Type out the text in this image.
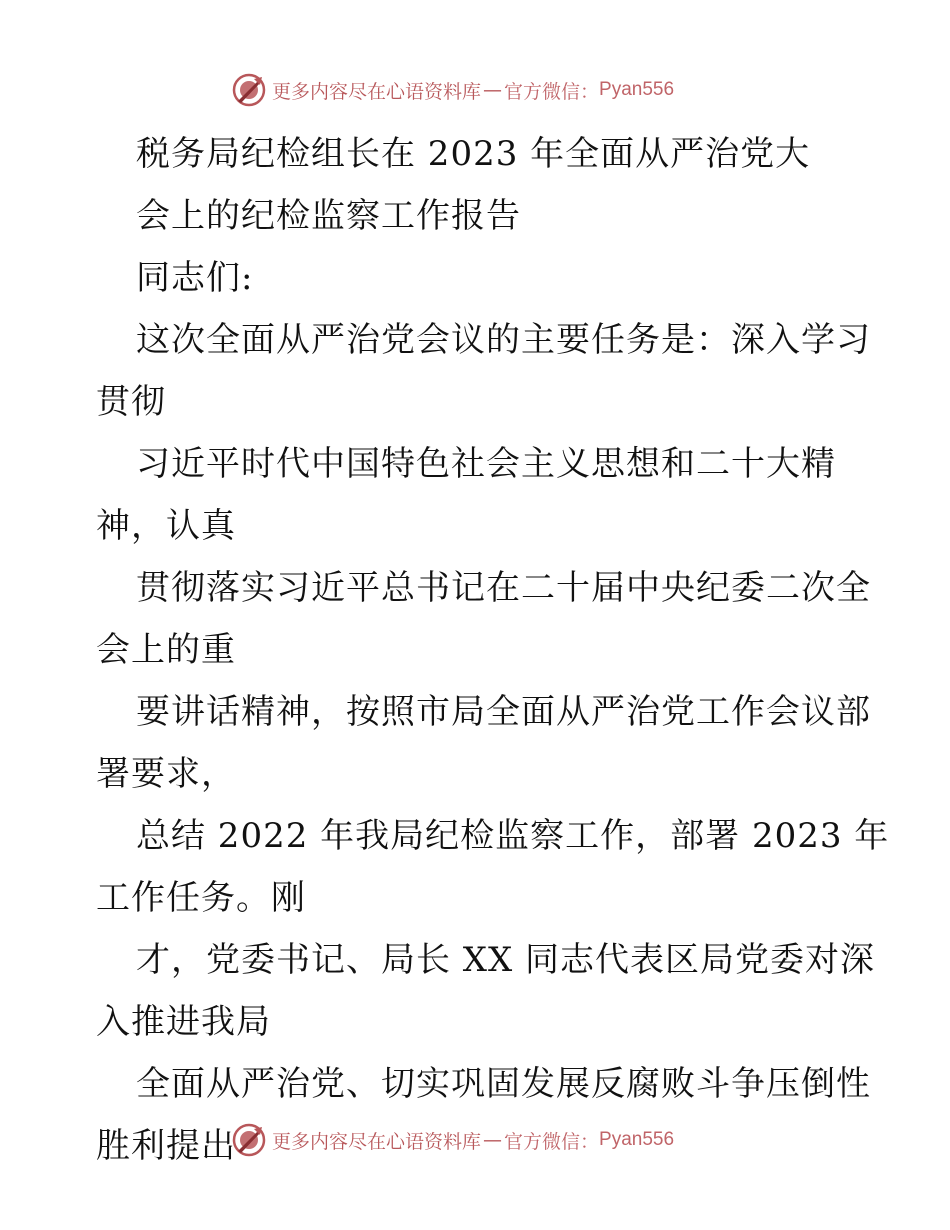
更多内容尽在心语资料库 — 官方微信： Pyan556
税务局纪检组长在 2023 年全面从严治党大
会上的纪检监察工作报告
同志们:
这次全面从严治党会议的主要任务是：深入学习
贯彻
习近平时代中国特色社会主义思想和二十大精
神，认真
贯彻落实习近平总书记在二十届中央纪委二次全
会上的重
要讲话精神，按照市局全面从严治党工作会议部
署要求，
总结 2022 年我局纪检监察工作，部署 2023 年
工作任务。刚
才，党委书记、局长 XX 同志代表区局党委对深
入推进我局
全面从严治党、切实巩固发展反腐败斗争压倒性
胜利提出	更多内容尽在心语资料库 — 官方微信： Pyan556
